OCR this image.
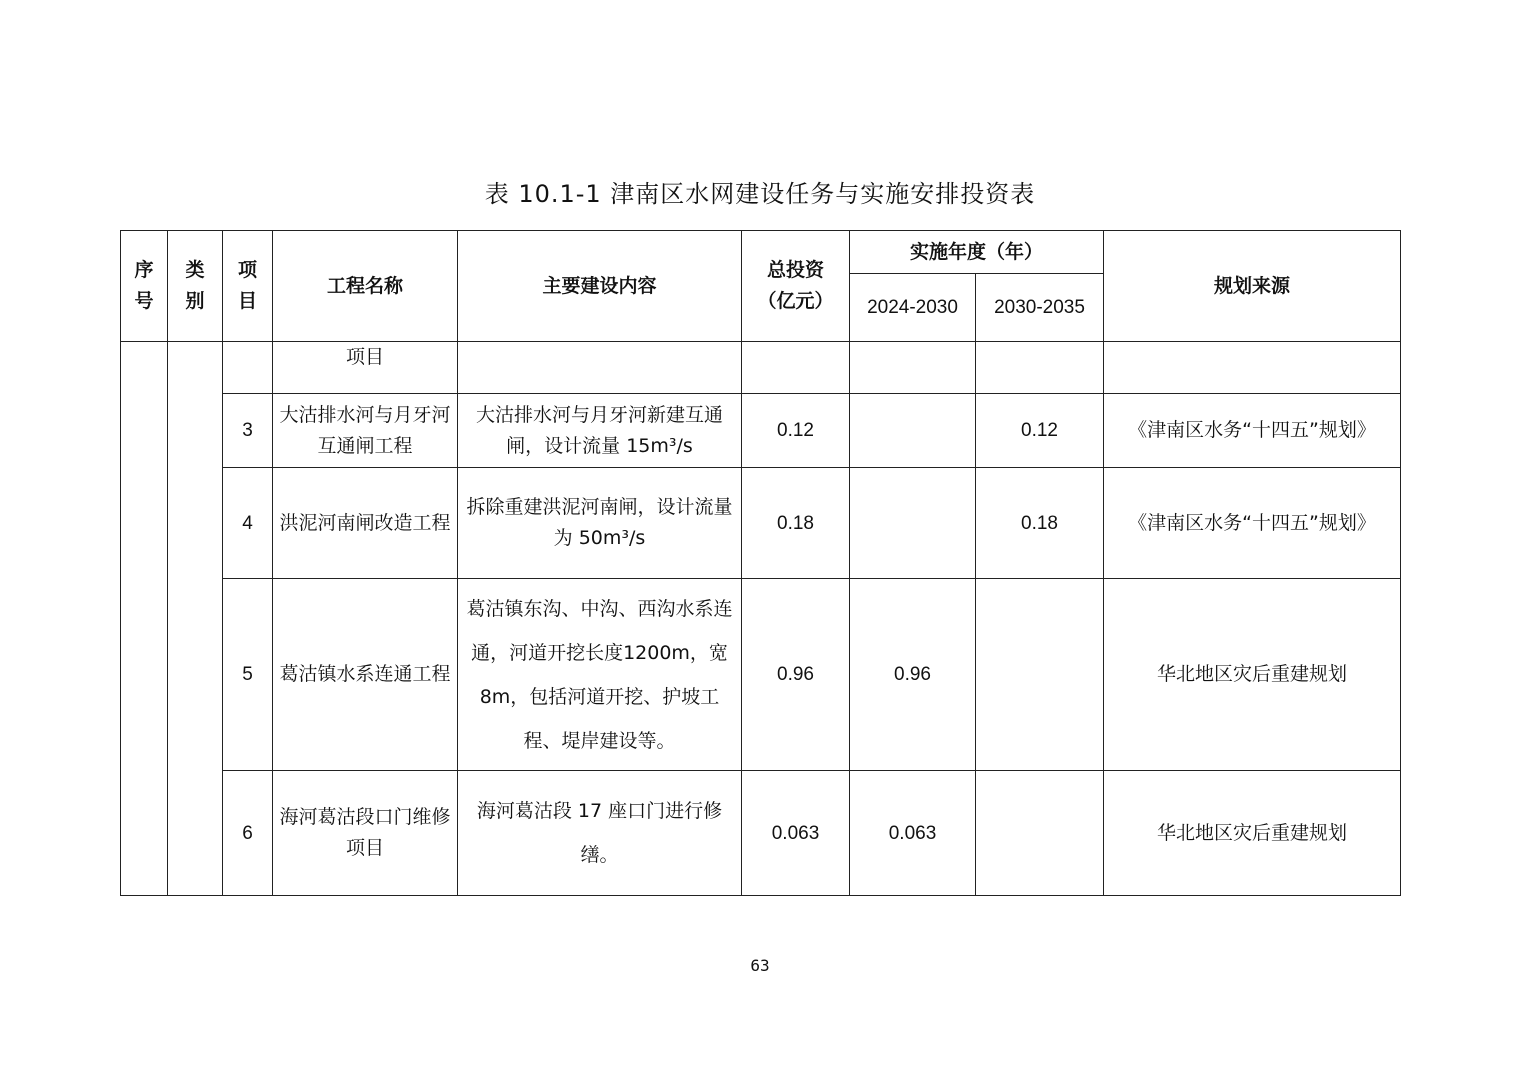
表 10.1-1 津南区水网建设任务与实施安排投资表
序号	类别	项目	工程名称	主要建设内容	总投资（亿元）	实施年度（年）		规划来源
						2024-2030	2030-2035	
			项目					
		3	大沽排水河与月牙河互通闸工程	大沽排水河与月牙河新建互通闸，设计流量 15m³/s	0.12		0.12	《津南区水务“十四五”规划》
		4	洪泥河南闸改造工程	拆除重建洪泥河南闸，设计流量为 50m³/s	0.18		0.18	《津南区水务“十四五”规划》
		5	葛沽镇水系连通工程	葛沽镇东沟、中沟、西沟水系连通，河道开挖长度1200m，宽 8m，包括河道开挖、护坡工程、堤岸建设等。	0.96	0.96		华北地区灾后重建规划
		6	海河葛沽段口门维修项目	海河葛沽段 17 座口门进行修缮。	0.063	0.063		华北地区灾后重建规划
63
